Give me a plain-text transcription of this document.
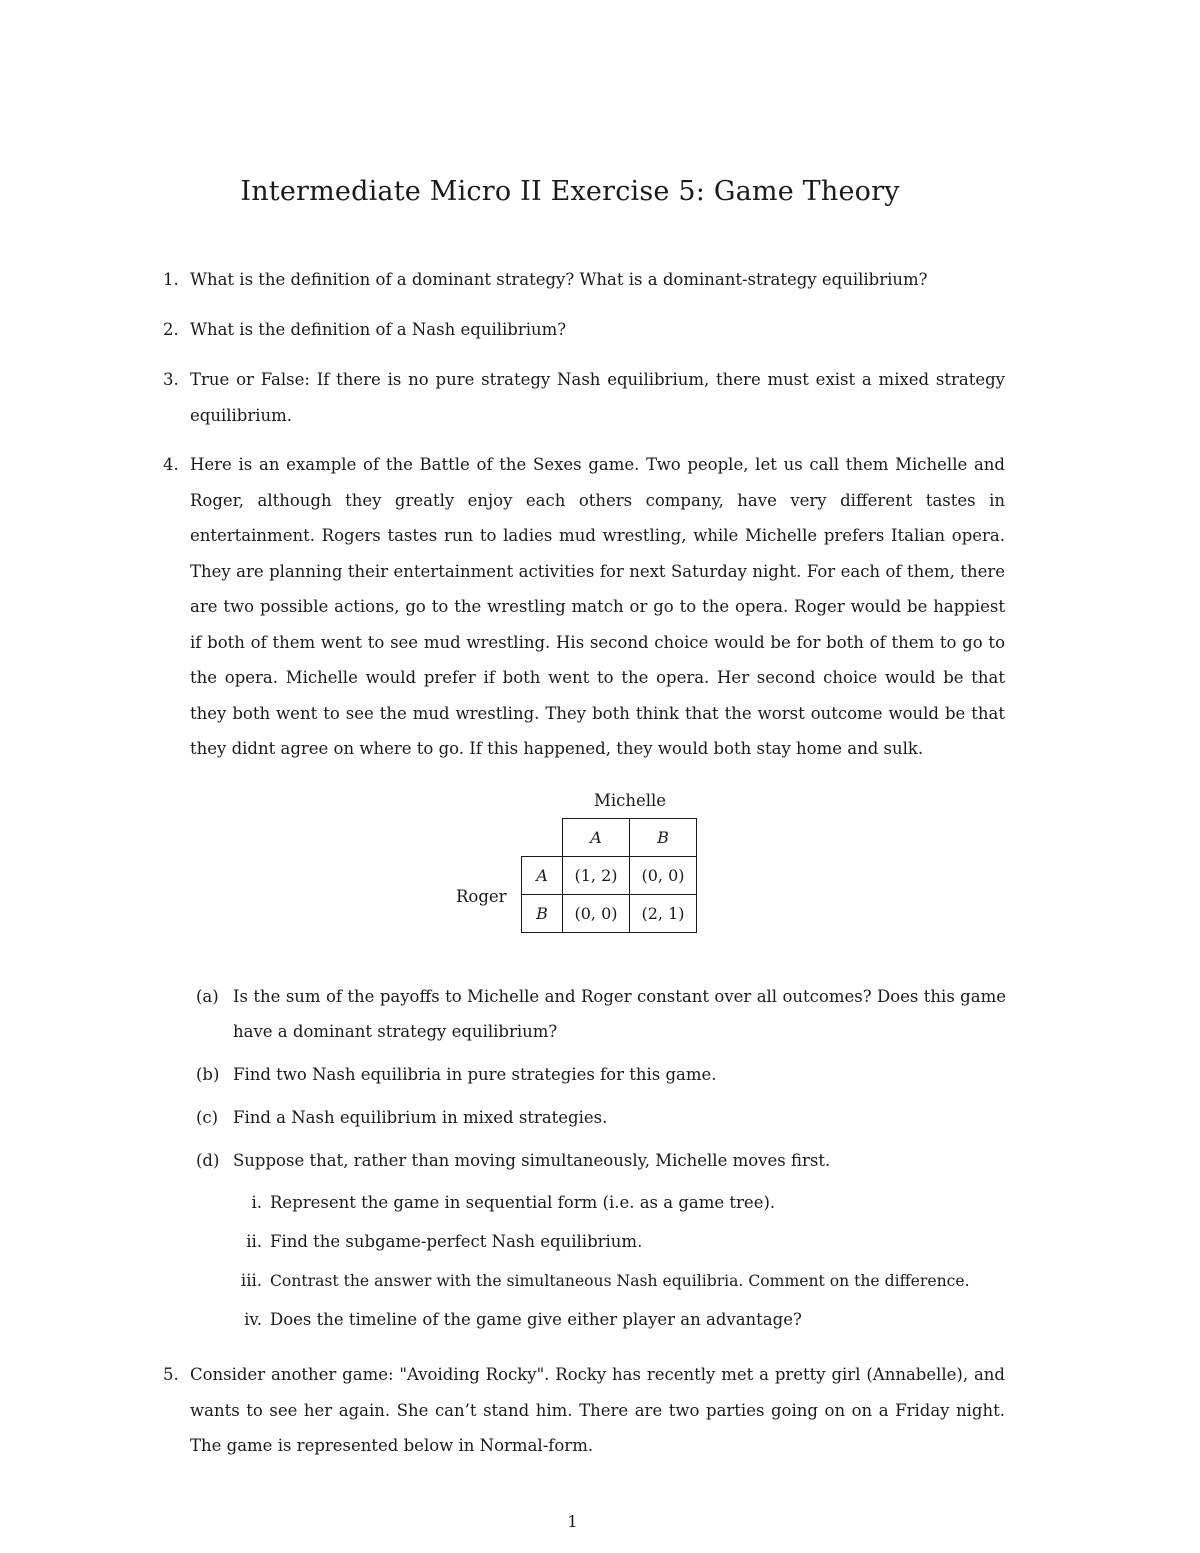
Intermediate Micro II Exercise 5: Game Theory
1. What is the definition of a dominant strategy? What is a dominant-strategy equilibrium?
2. What is the definition of a Nash equilibrium?
3. True or False: If there is no pure strategy Nash equilibrium, there must exist a mixed strategy equilibrium.
4. Here is an example of the Battle of the Sexes game. Two people, let us call them Michelle and Roger, although they greatly enjoy each others company, have very different tastes in entertainment. Rogers tastes run to ladies mud wrestling, while Michelle prefers Italian opera. They are planning their entertainment activities for next Saturday night. For each of them, there are two possible actions, go to the wrestling match or go to the opera. Roger would be happiest if both of them went to see mud wrestling. His second choice would be for both of them to go to the opera. Michelle would prefer if both went to the opera. Her second choice would be that they both went to see the mud wrestling. They both think that the worst outcome would be that they didnt agree on where to go. If this happened, they would both stay home and sulk.
Michelle
Roger
	A	B
A	(1, 2)	(0, 0)
B	(0, 0)	(2, 1)
(a) Is the sum of the payoffs to Michelle and Roger constant over all outcomes? Does this game have a dominant strategy equilibrium?
(b) Find two Nash equilibria in pure strategies for this game.
(c) Find a Nash equilibrium in mixed strategies.
(d) Suppose that, rather than moving simultaneously, Michelle moves first.
i. Represent the game in sequential form (i.e. as a game tree).
ii. Find the subgame-perfect Nash equilibrium.
iii. Contrast the answer with the simultaneous Nash equilibria. Comment on the difference.
iv. Does the timeline of the game give either player an advantage?
5. Consider another game: "Avoiding Rocky". Rocky has recently met a pretty girl (Annabelle), and wants to see her again. She can’t stand him. There are two parties going on on a Friday night. The game is represented below in Normal-form.
1
